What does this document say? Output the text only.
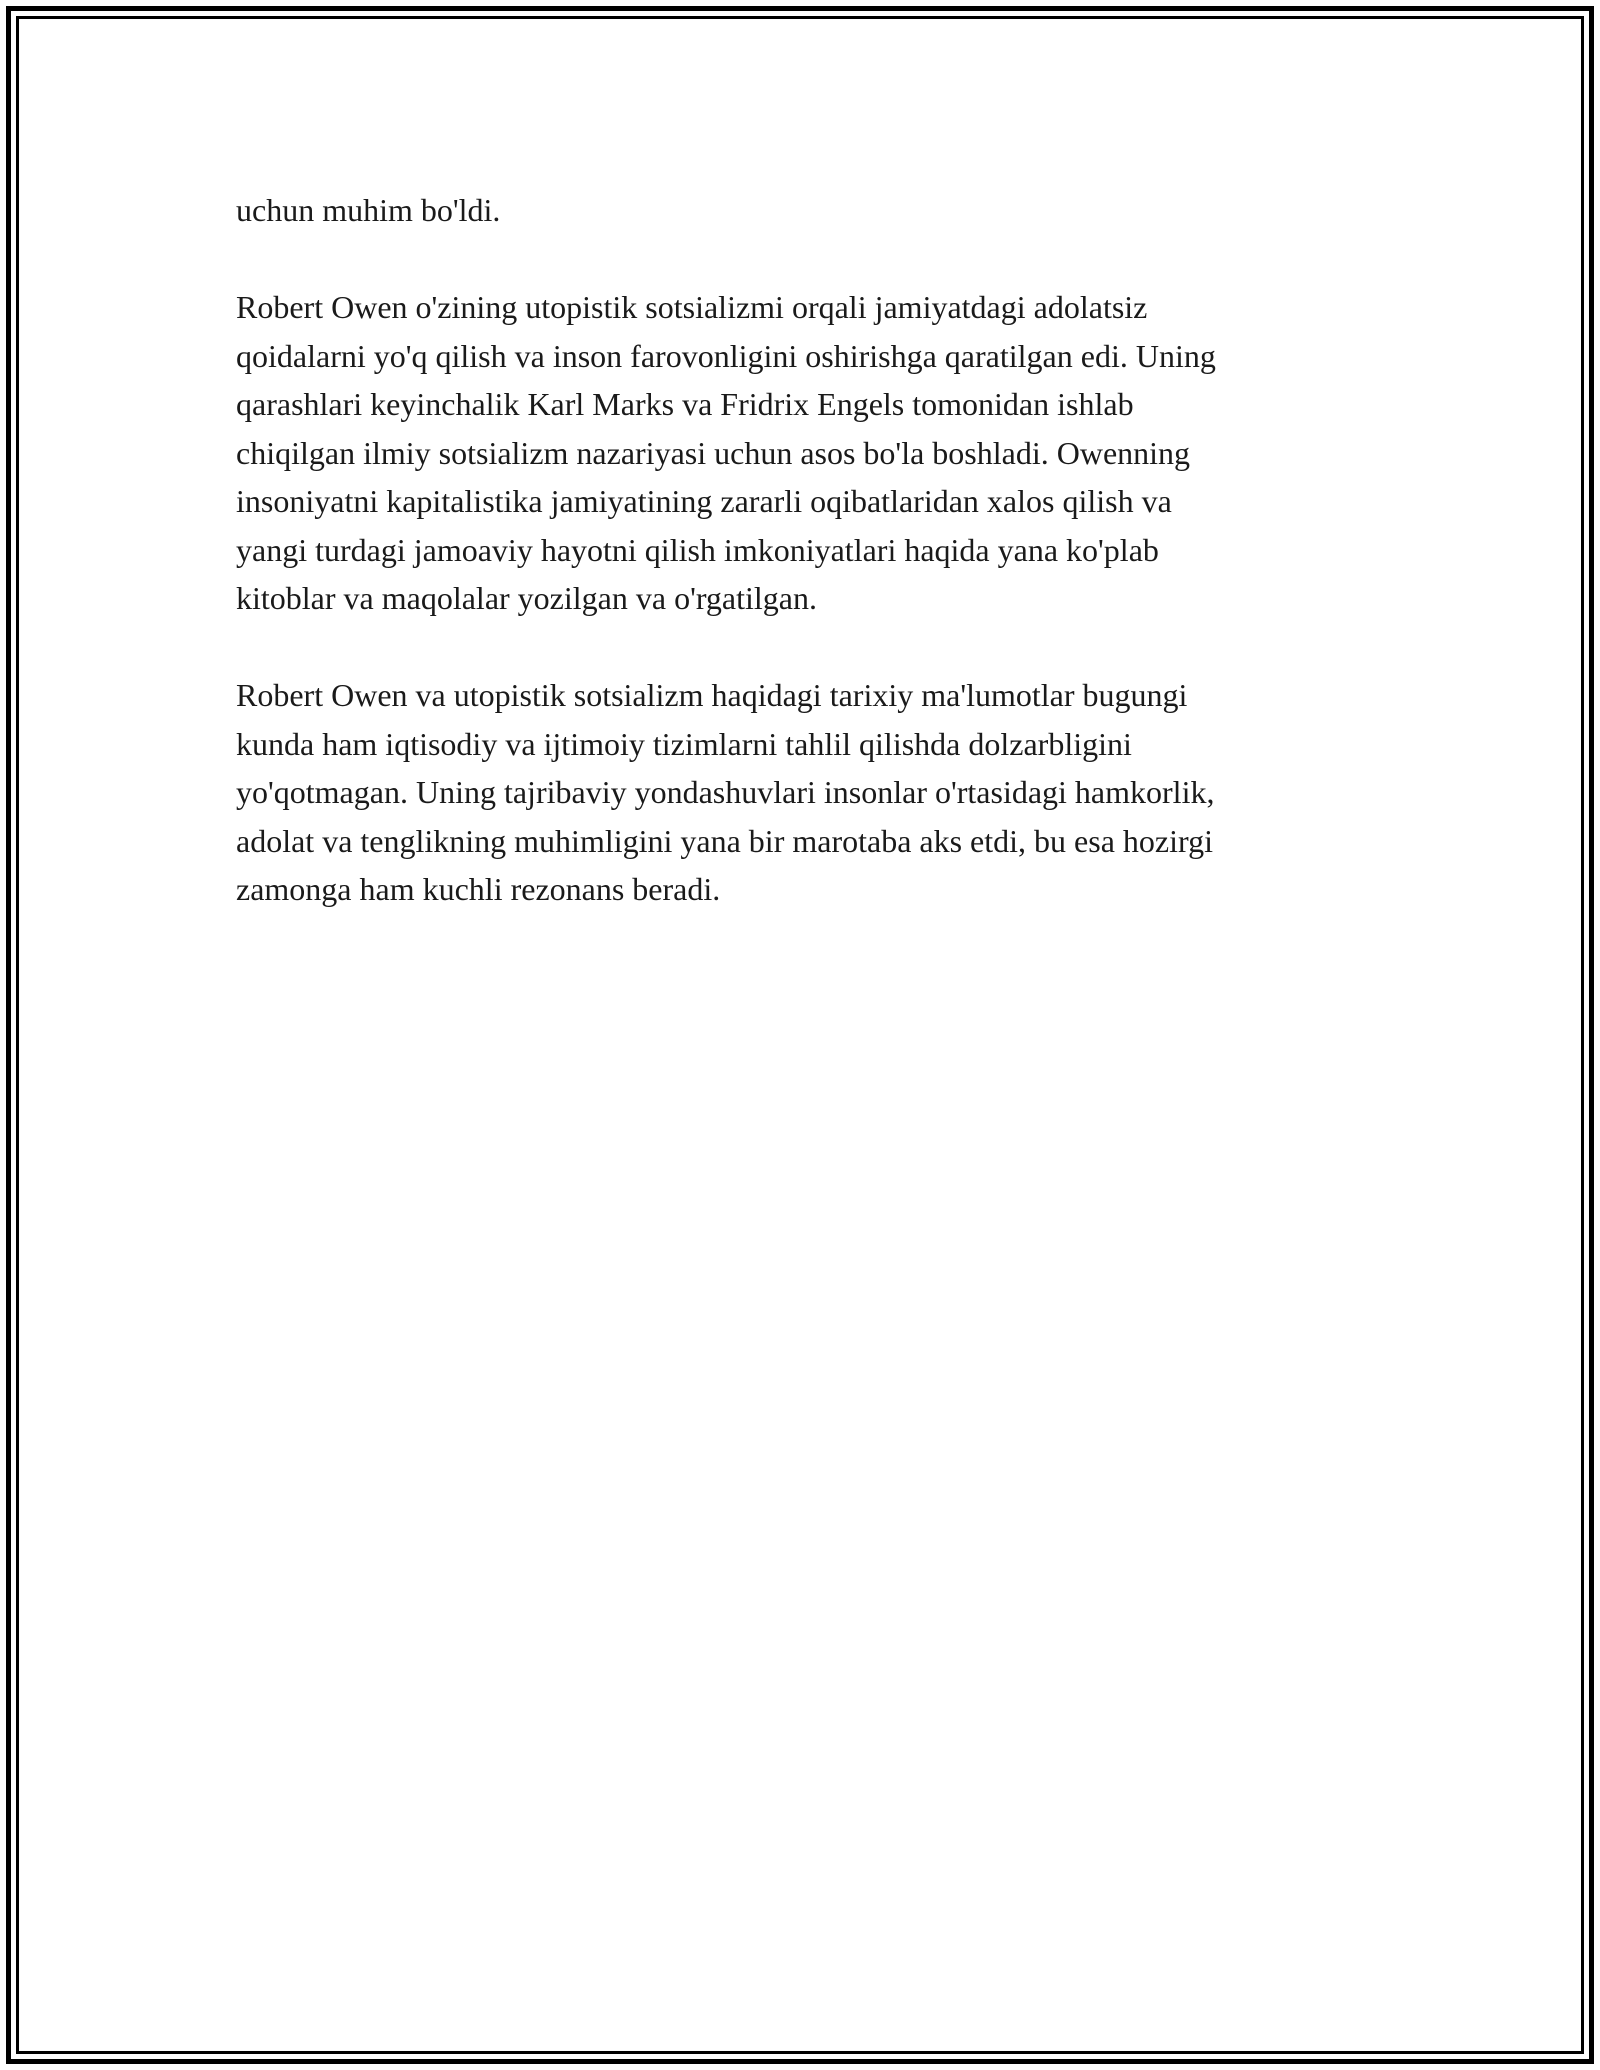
uchun muhim bo'ldi.

Robert Owen o'zining utopistik sotsializmi orqali jamiyatdagi adolatsiz
qoidalarni yo'q qilish va inson farovonligini oshirishga qaratilgan edi. Uning
qarashlari keyinchalik Karl Marks va Fridrix Engels tomonidan ishlab
chiqilgan ilmiy sotsializm nazariyasi uchun asos bo'la boshladi. Owenning
insoniyatni kapitalistika jamiyatining zararli oqibatlaridan xalos qilish va
yangi turdagi jamoaviy hayotni qilish imkoniyatlari haqida yana ko'plab
kitoblar va maqolalar yozilgan va o'rgatilgan.

Robert Owen va utopistik sotsializm haqidagi tarixiy ma'lumotlar bugungi
kunda ham iqtisodiy va ijtimoiy tizimlarni tahlil qilishda dolzarbligini
yo'qotmagan. Uning tajribaviy yondashuvlari insonlar o'rtasidagi hamkorlik,
adolat va tenglikning muhimligini yana bir marotaba aks etdi, bu esa hozirgi
zamonga ham kuchli rezonans beradi.
